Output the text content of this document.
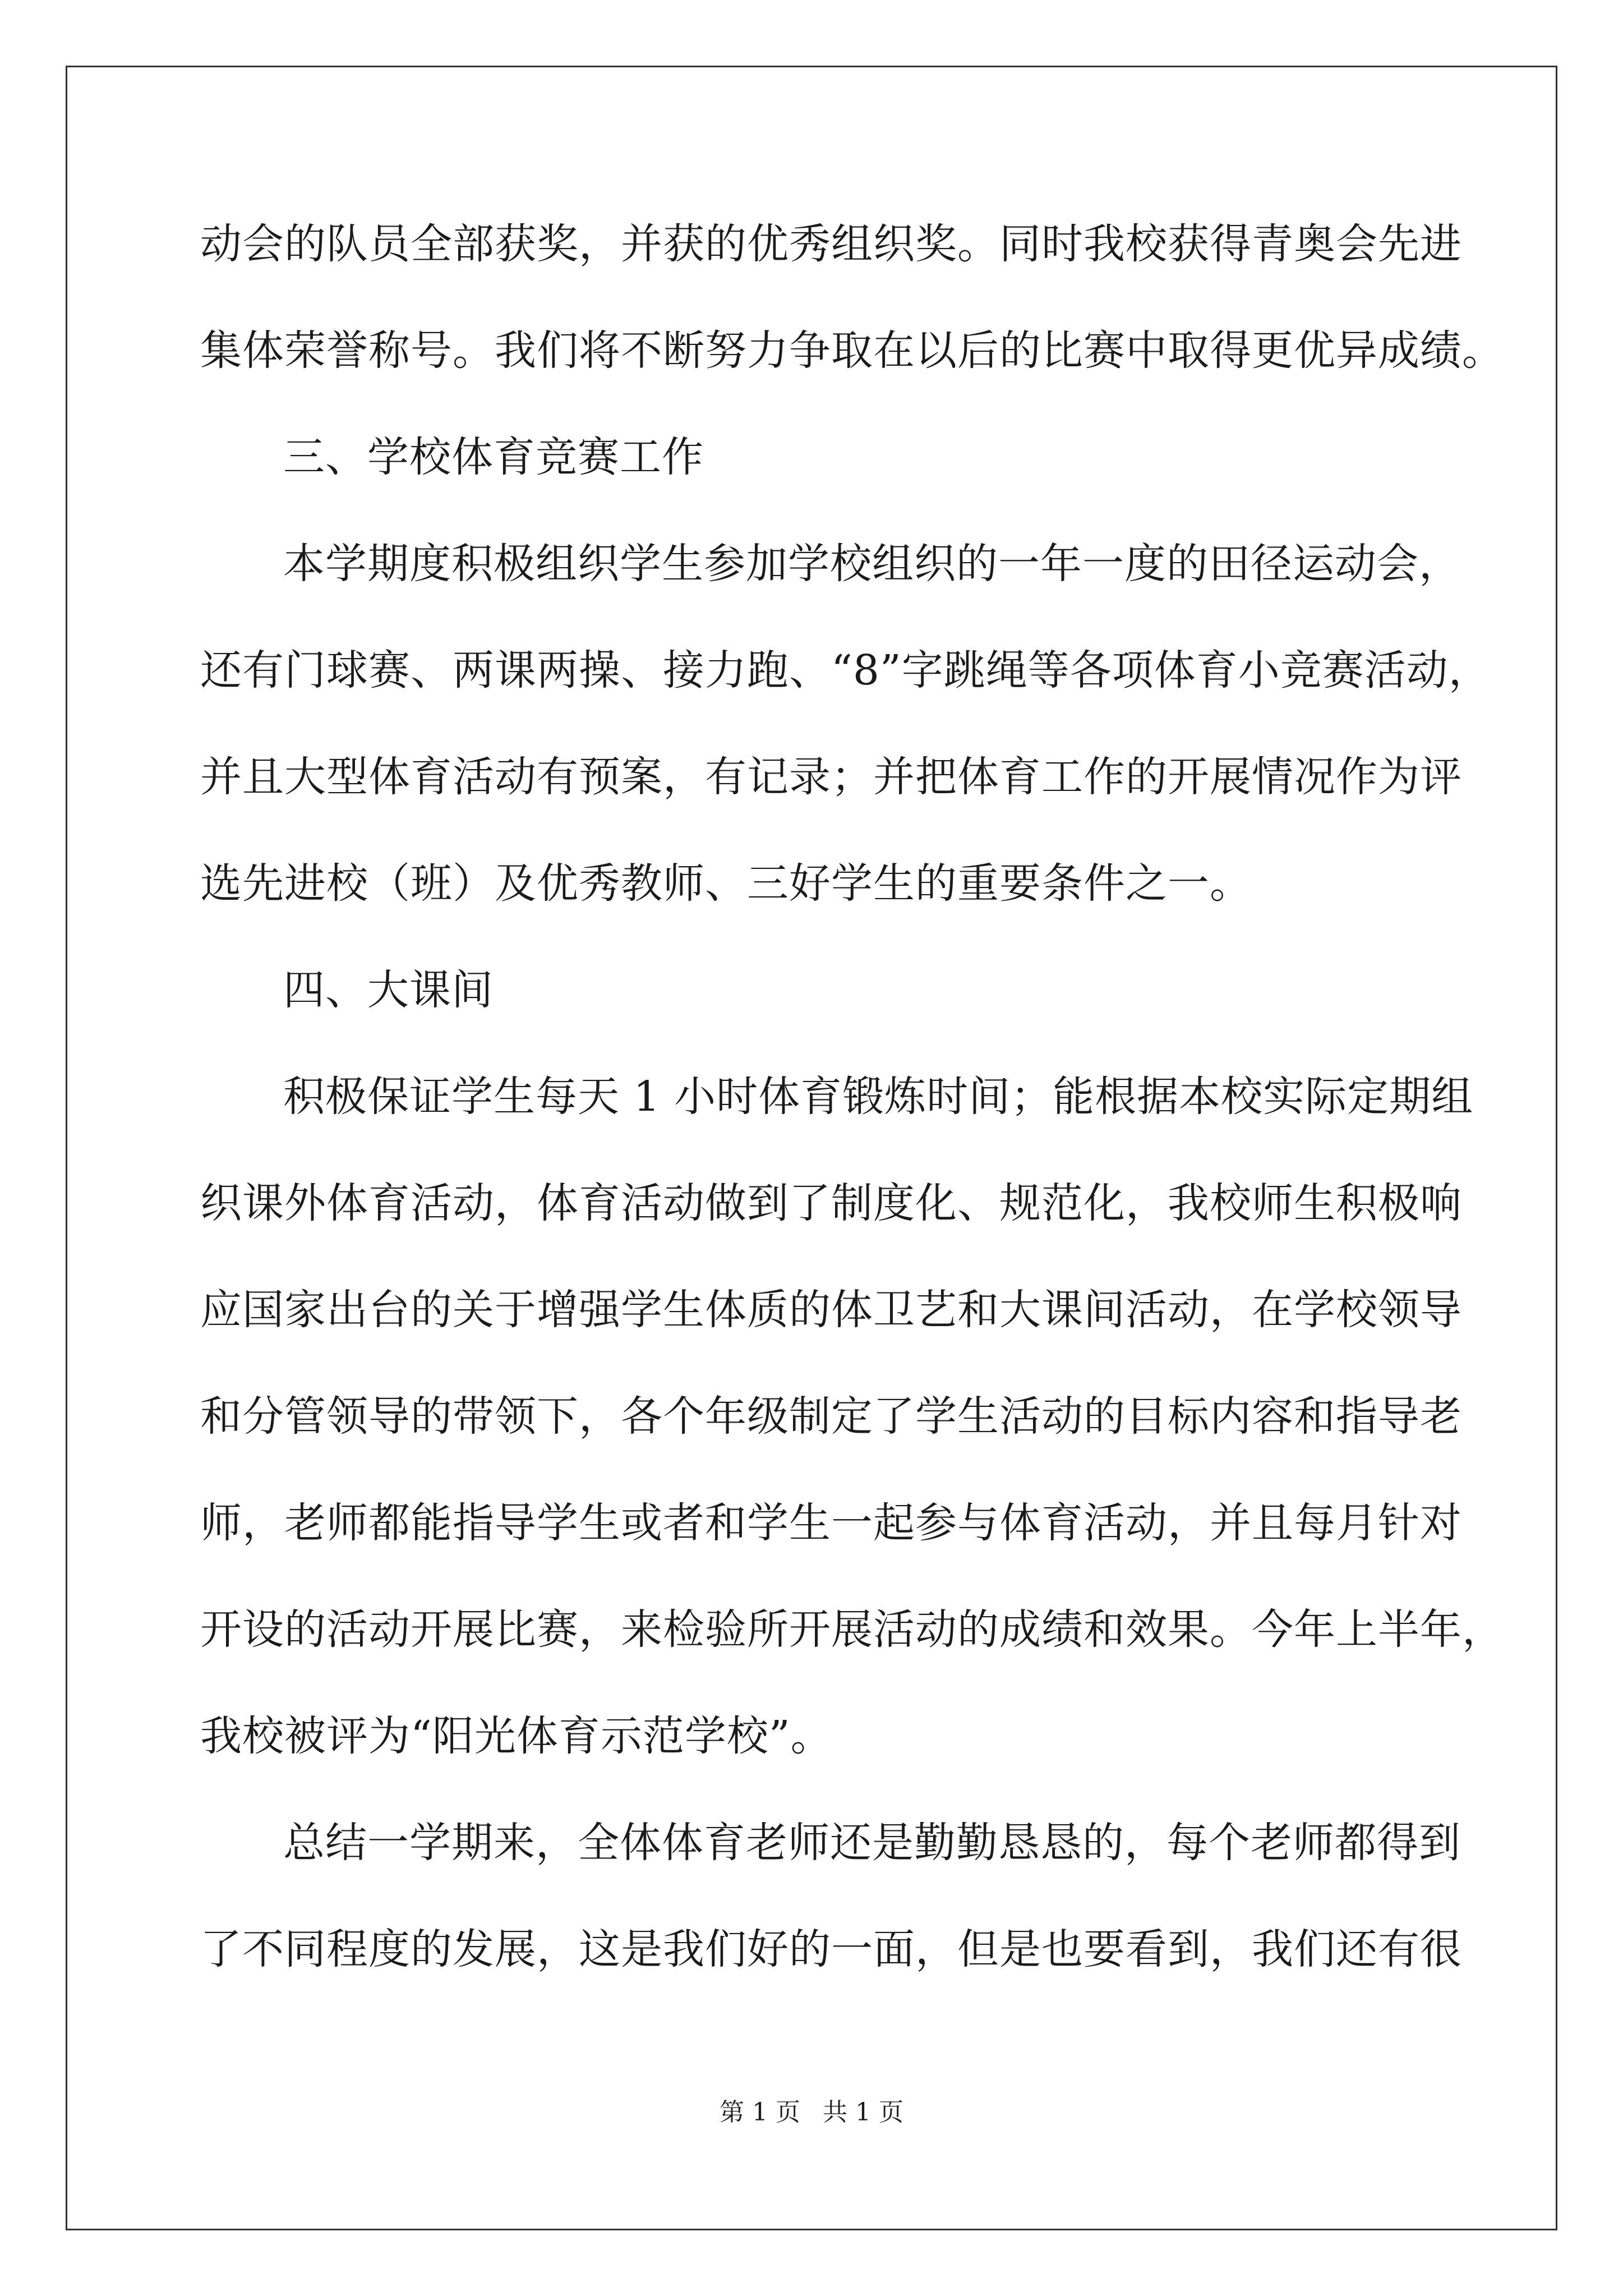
动会的队员全部获奖，并获的优秀组织奖。同时我校获得青奥会先进
集体荣誉称号。我们将不断努力争取在以后的比赛中取得更优异成绩。
三、学校体育竞赛工作
本学期度积极组织学生参加学校组织的一年一度的田径运动会，
还有门球赛、两课两操、接力跑、“8”字跳绳等各项体育小竞赛活动，
并且大型体育活动有预案，有记录；并把体育工作的开展情况作为评
选先进校（班）及优秀教师、三好学生的重要条件之一。
四、大课间
积极保证学生每天 1 小时体育锻炼时间；能根据本校实际定期组
织课外体育活动，体育活动做到了制度化、规范化，我校师生积极响
应国家出台的关于增强学生体质的体卫艺和大课间活动，在学校领导
和分管领导的带领下，各个年级制定了学生活动的目标内容和指导老
师，老师都能指导学生或者和学生一起参与体育活动，并且每月针对
开设的活动开展比赛，来检验所开展活动的成绩和效果。今年上半年，
我校被评为“阳光体育示范学校”。
总结一学期来，全体体育老师还是勤勤恳恳的，每个老师都得到
了不同程度的发展，这是我们好的一面，但是也要看到，我们还有很
第 1 页 共 1 页
